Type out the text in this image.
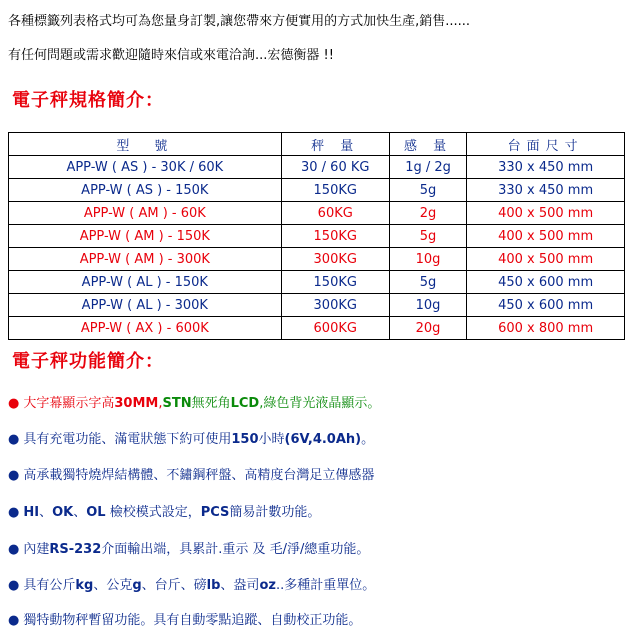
各種標籤列表格式均可為您量身訂製,讓您帶來方便實用的方式加快生產,銷售......
有任何問題或需求歡迎隨時來信或來電洽詢...宏德衡器 !!
電子秤規格簡介：
型　號	秤 量	感 量	台面尺寸
APP-W ( AS ) - 30K / 60K	30 / 60 KG	1g / 2g	330 x 450 mm
APP-W ( AS ) - 150K	150KG	5g	330 x 450 mm
APP-W ( AM ) - 60K	60KG	2g	400 x 500 mm
APP-W ( AM ) - 150K	150KG	5g	400 x 500 mm
APP-W ( AM ) - 300K	300KG	10g	400 x 500 mm
APP-W ( AL ) - 150K	150KG	5g	450 x 600 mm
APP-W ( AL ) - 300K	300KG	10g	450 x 600 mm
APP-W ( AX ) - 600K	600KG	20g	600 x 800 mm
電子秤功能簡介：
● 大字幕顯示字高30MM,STN無死角LCD,綠色背光液晶顯示。
● 具有充電功能、滿電狀態下約可使用150小時(6V,4.0Ah)。
● 高承載獨特燒焊結構體、不鏽鋼秤盤、高精度台灣足立傳感器
● HI、OK、OL 檢校模式設定，PCS簡易計數功能。
● 內建RS-232介面輸出端，具累計.重示 及 毛/淨/總重功能。
● 具有公斤kg、公克g、台斤、磅lb、盎司oz..多種計重單位。
● 獨特動物秤暫留功能。具有自動零點追蹤、自動校正功能。
